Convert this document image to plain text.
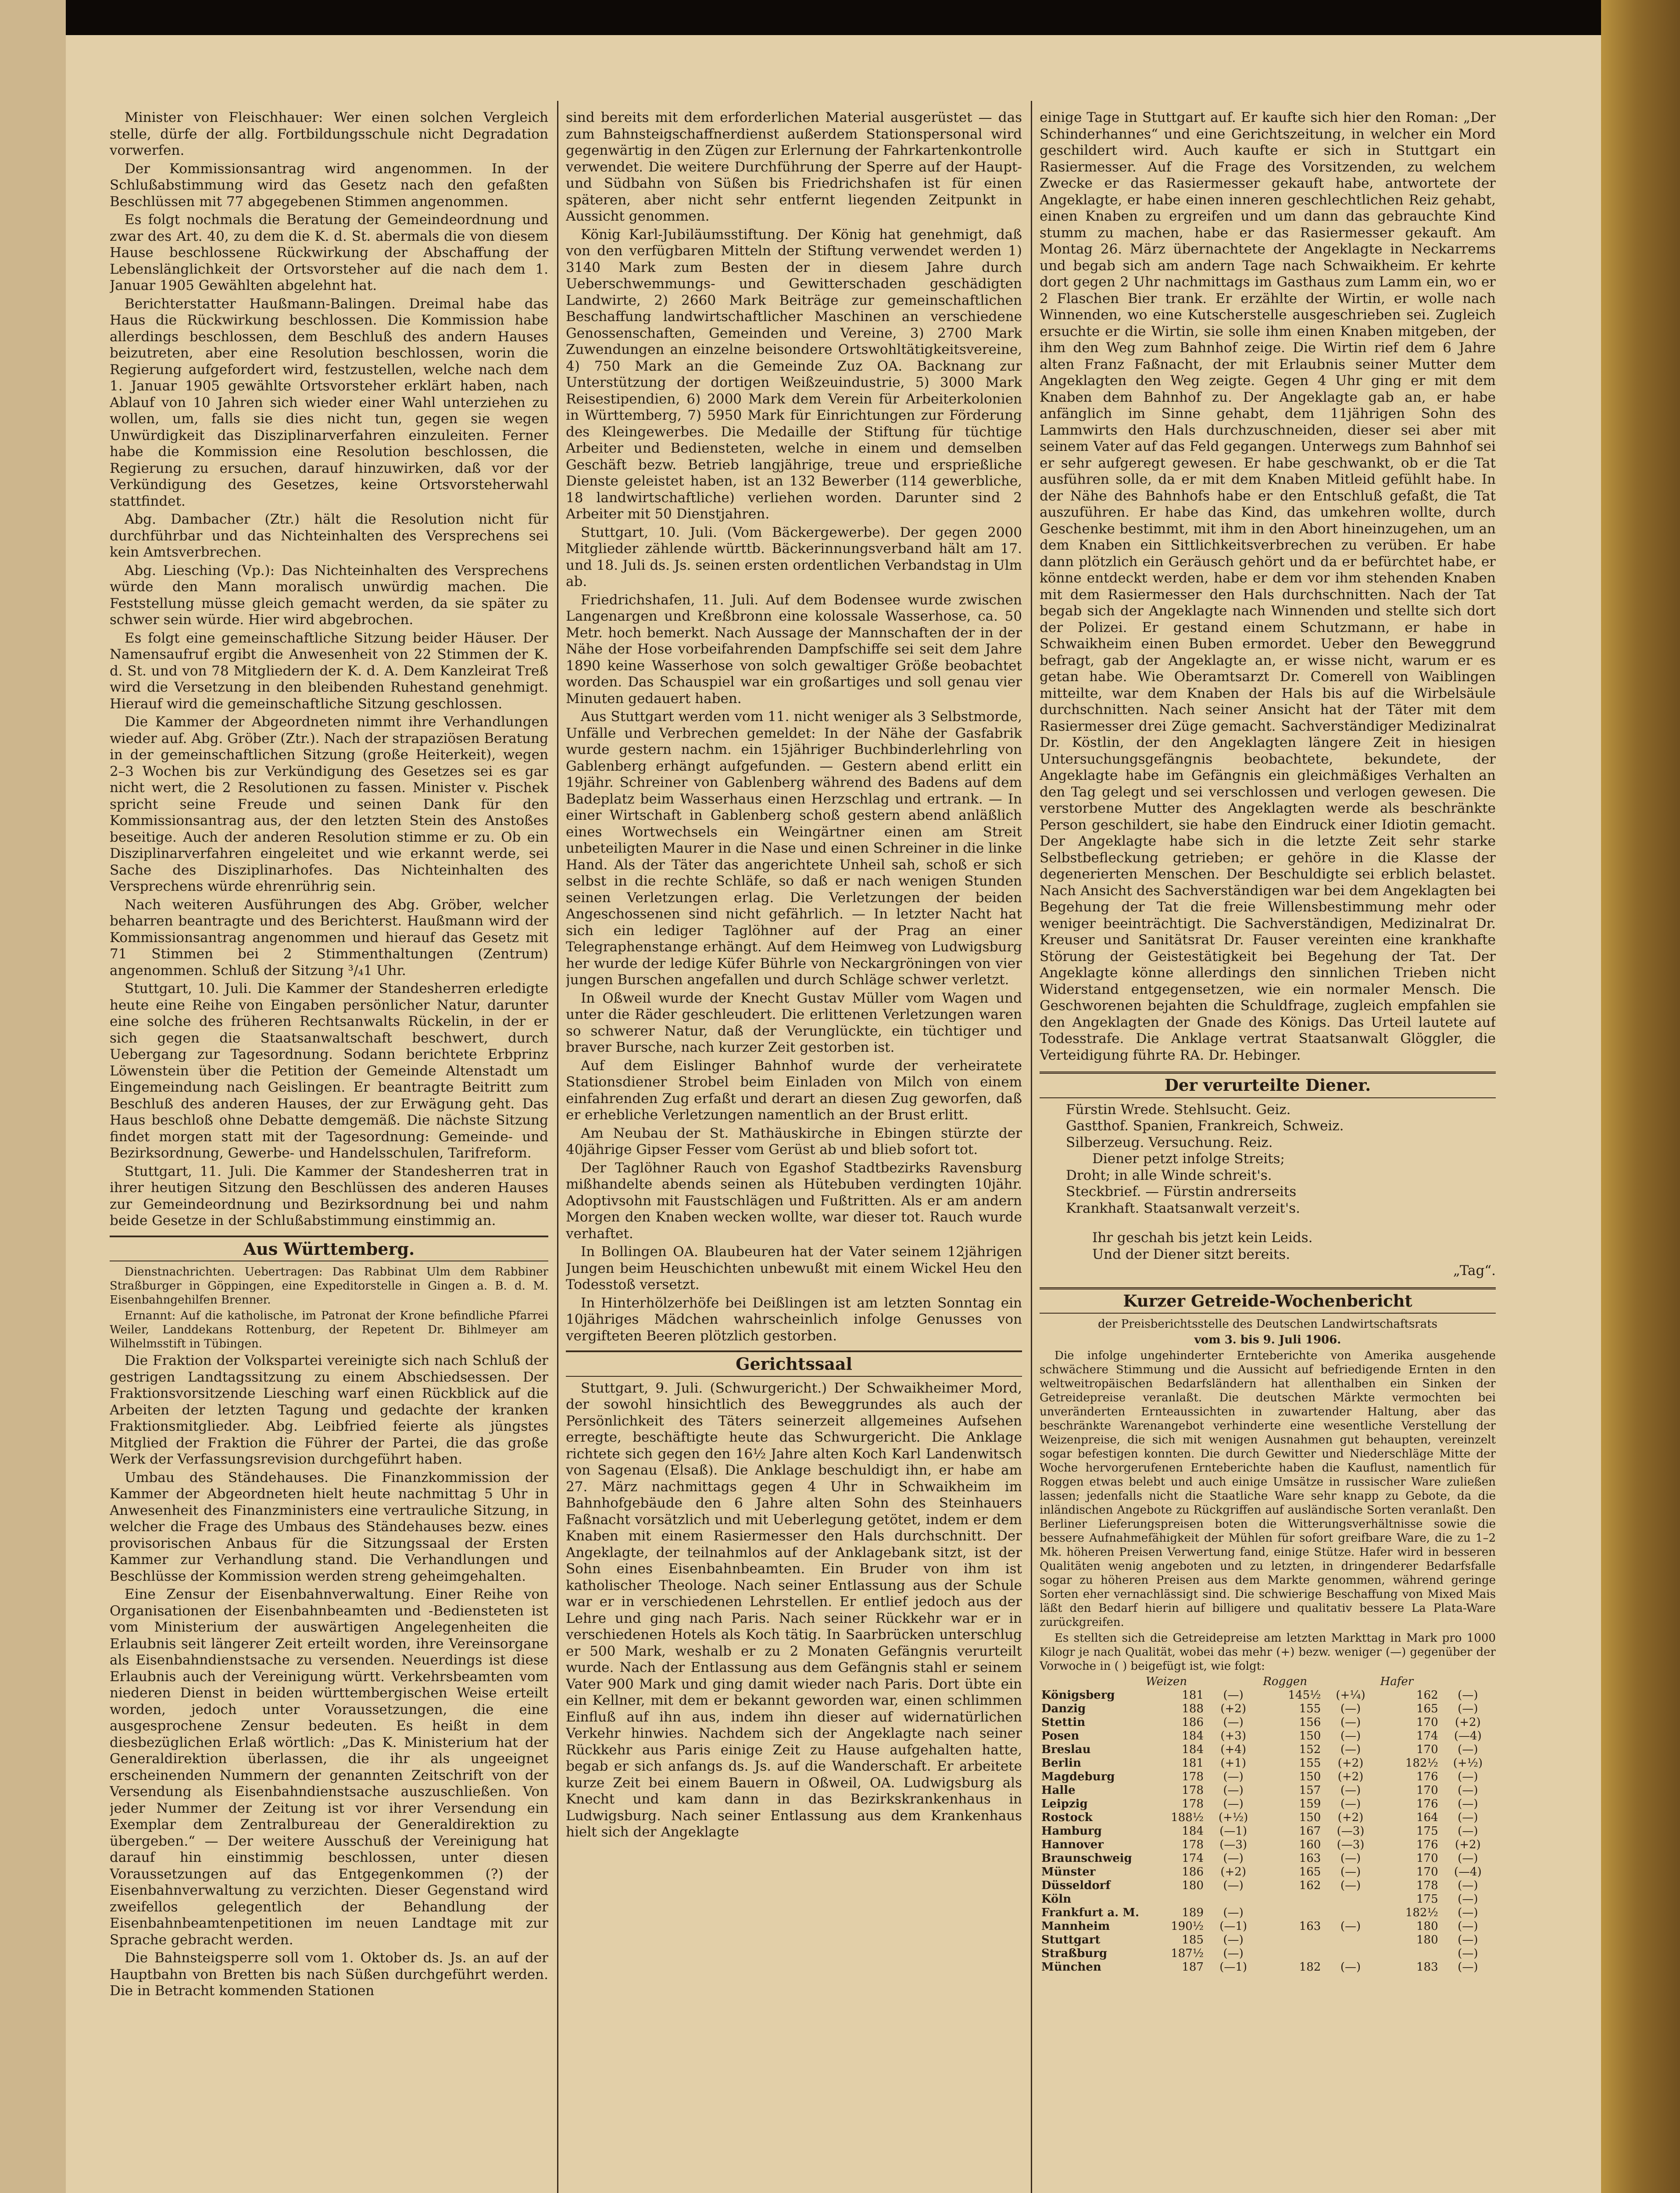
Minister von Fleischhauer: Wer einen solchen Vergleich stelle, dürfe der allg. Fortbildungsschule nicht Degradation vorwerfen.

Der Kommissionsantrag wird angenommen. In der Schlußabstimmung wird das Gesetz nach den gefaßten Beschlüssen mit 77 abgegebenen Stimmen angenommen.

Es folgt nochmals die Beratung der Gemeindeordnung und zwar des Art. 40, zu dem die K. d. St. abermals die von diesem Hause beschlossene Rückwirkung der Abschaffung der Lebenslänglichkeit der Ortsvorsteher auf die nach dem 1. Januar 1905 Gewählten abgelehnt hat.

Berichterstatter Haußmann-Balingen. Dreimal habe das Haus die Rückwirkung beschlossen. Die Kommission habe allerdings beschlossen, dem Beschluß des andern Hauses beizutreten, aber eine Resolution beschlossen, worin die Regierung aufgefordert wird, festzustellen, welche nach dem 1. Januar 1905 gewählte Ortsvorsteher erklärt haben, nach Ablauf von 10 Jahren sich wieder einer Wahl unterziehen zu wollen, um, falls sie dies nicht tun, gegen sie wegen Unwürdigkeit das Disziplinarverfahren einzuleiten. Ferner habe die Kommission eine Resolution beschlossen, die Regierung zu ersuchen, darauf hinzuwirken, daß vor der Verkündigung des Gesetzes, keine Ortsvorsteherwahl stattfindet.

Abg. Dambacher (Ztr.) hält die Resolution nicht für durchführbar und das Nichteinhalten des Versprechens sei kein Amtsverbrechen.

Abg. Liesching (Vp.): Das Nichteinhalten des Versprechens würde den Mann moralisch unwürdig machen. Die Feststellung müsse gleich gemacht werden, da sie später zu schwer sein würde. Hier wird abgebrochen.

Es folgt eine gemeinschaftliche Sitzung beider Häuser. Der Namensaufruf ergibt die Anwesenheit von 22 Stimmen der K. d. St. und von 78 Mitgliedern der K. d. A. Dem Kanzleirat Treß wird die Versetzung in den bleibenden Ruhestand genehmigt. Hierauf wird die gemeinschaftliche Sitzung geschlossen.

Die Kammer der Abgeordneten nimmt ihre Verhandlungen wieder auf. Abg. Gröber (Ztr.). Nach der strapaziösen Beratung in der gemeinschaftlichen Sitzung (große Heiterkeit), wegen 2–3 Wochen bis zur Verkündigung des Gesetzes sei es gar nicht wert, die 2 Resolutionen zu fassen. Minister v. Pischek spricht seine Freude und seinen Dank für den Kommissionsantrag aus, der den letzten Stein des Anstoßes beseitige. Auch der anderen Resolution stimme er zu. Ob ein Disziplinarverfahren eingeleitet und wie erkannt werde, sei Sache des Disziplinarhofes. Das Nichteinhalten des Versprechens würde ehrenrührig sein.

Nach weiteren Ausführungen des Abg. Gröber, welcher beharren beantragte und des Berichterst. Haußmann wird der Kommissionsantrag angenommen und hierauf das Gesetz mit 71 Stimmen bei 2 Stimmenthaltungen (Zentrum) angenommen. Schluß der Sitzung ³/₄1 Uhr.

Stuttgart, 10. Juli. Die Kammer der Standesherren erledigte heute eine Reihe von Eingaben persönlicher Natur, darunter eine solche des früheren Rechtsanwalts Rückelin, in der er sich gegen die Staatsanwaltschaft beschwert, durch Uebergang zur Tagesordnung. Sodann berichtete Erbprinz Löwenstein über die Petition der Gemeinde Altenstadt um Eingemeindung nach Geislingen. Er beantragte Beitritt zum Beschluß des anderen Hauses, der zur Erwägung geht. Das Haus beschloß ohne Debatte demgemäß. Die nächste Sitzung findet morgen statt mit der Tagesordnung: Gemeinde- und Bezirksordnung, Gewerbe- und Handelsschulen, Tarifreform.

Stuttgart, 11. Juli. Die Kammer der Standesherren trat in ihrer heutigen Sitzung den Beschlüssen des anderen Hauses zur Gemeindeordnung und Bezirksordnung bei und nahm beide Gesetze in der Schlußabstimmung einstimmig an.

Aus Württemberg.

Dienstnachrichten. Uebertragen: Das Rabbinat Ulm dem Rabbiner Straßburger in Göppingen, eine Expeditorstelle in Gingen a. B. d. M. Eisenbahngehilfen Brenner.

Ernannt: Auf die katholische, im Patronat der Krone befindliche Pfarrei Weiler, Landdekans Rottenburg, der Repetent Dr. Bihlmeyer am Wilhelmsstift in Tübingen.

Die Fraktion der Volkspartei vereinigte sich nach Schluß der gestrigen Landtagssitzung zu einem Abschiedsessen. Der Fraktionsvorsitzende Liesching warf einen Rückblick auf die Arbeiten der letzten Tagung und gedachte der kranken Fraktionsmitglieder. Abg. Leibfried feierte als jüngstes Mitglied der Fraktion die Führer der Partei, die das große Werk der Verfassungsrevision durchgeführt haben.

Umbau des Ständehauses. Die Finanzkommission der Kammer der Abgeordneten hielt heute nachmittag 5 Uhr in Anwesenheit des Finanzministers eine vertrauliche Sitzung, in welcher die Frage des Umbaus des Ständehauses bezw. eines provisorischen Anbaus für die Sitzungssaal der Ersten Kammer zur Verhandlung stand. Die Verhandlungen und Beschlüsse der Kommission werden streng geheimgehalten.

Eine Zensur der Eisenbahnverwaltung. Einer Reihe von Organisationen der Eisenbahnbeamten und -Bediensteten ist vom Ministerium der auswärtigen Angelegenheiten die Erlaubnis seit längerer Zeit erteilt worden, ihre Vereinsorgane als Eisenbahndienstsache zu versenden. Neuerdings ist diese Erlaubnis auch der Vereinigung württ. Verkehrsbeamten vom niederen Dienst in beiden württembergischen Weise erteilt worden, jedoch unter Voraussetzungen, die eine ausgesprochene Zensur bedeuten. Es heißt in dem diesbezüglichen Erlaß wörtlich: „Das K. Ministerium hat der Generaldirektion überlassen, die ihr als ungeeignet erscheinenden Nummern der genannten Zeitschrift von der Versendung als Eisenbahndienstsache auszuschließen. Von jeder Nummer der Zeitung ist vor ihrer Versendung ein Exemplar dem Zentralbureau der Generaldirektion zu übergeben.“ — Der weitere Ausschuß der Vereinigung hat darauf hin einstimmig beschlossen, unter diesen Voraussetzungen auf das Entgegenkommen (?) der Eisenbahnverwaltung zu verzichten. Dieser Gegenstand wird zweifellos gelegentlich der Behandlung der Eisenbahnbeamtenpetitionen im neuen Landtage mit zur Sprache gebracht werden.

Die Bahnsteigsperre soll vom 1. Oktober ds. Js. an auf der Hauptbahn von Bretten bis nach Süßen durchgeführt werden. Die in Betracht kommenden Stationen

sind bereits mit dem erforderlichen Material ausgerüstet — das zum Bahnsteigschaffnerdienst außerdem Stationspersonal wird gegenwärtig in den Zügen zur Erlernung der Fahrkartenkontrolle verwendet. Die weitere Durchführung der Sperre auf der Haupt- und Südbahn von Süßen bis Friedrichshafen ist für einen späteren, aber nicht sehr entfernt liegenden Zeitpunkt in Aussicht genommen.

König Karl-Jubiläumsstiftung. Der König hat genehmigt, daß von den verfügbaren Mitteln der Stiftung verwendet werden 1) 3140 Mark zum Besten der in diesem Jahre durch Ueberschwemmungs- und Gewitterschaden geschädigten Landwirte, 2) 2660 Mark Beiträge zur gemeinschaftlichen Beschaffung landwirtschaftlicher Maschinen an verschiedene Genossenschaften, Gemeinden und Vereine, 3) 2700 Mark Zuwendungen an einzelne beisondere Ortswohltätigkeitsvereine, 4) 750 Mark an die Gemeinde Zuz OA. Backnang zur Unterstützung der dortigen Weißzeuindustrie, 5) 3000 Mark Reisestipendien, 6) 2000 Mark dem Verein für Arbeiterkolonien in Württemberg, 7) 5950 Mark für Einrichtungen zur Förderung des Kleingewerbes. Die Medaille der Stiftung für tüchtige Arbeiter und Bediensteten, welche in einem und demselben Geschäft bezw. Betrieb langjährige, treue und ersprießliche Dienste geleistet haben, ist an 132 Bewerber (114 gewerbliche, 18 landwirtschaftliche) verliehen worden. Darunter sind 2 Arbeiter mit 50 Dienstjahren.

Stuttgart, 10. Juli. (Vom Bäckergewerbe). Der gegen 2000 Mitglieder zählende württb. Bäckerinnungsverband hält am 17. und 18. Juli ds. Js. seinen ersten ordentlichen Verbandstag in Ulm ab.

Friedrichshafen, 11. Juli. Auf dem Bodensee wurde zwischen Langenargen und Kreßbronn eine kolossale Wasserhose, ca. 50 Metr. hoch bemerkt. Nach Aussage der Mannschaften der in der Nähe der Hose vorbeifahrenden Dampfschiffe sei seit dem Jahre 1890 keine Wasserhose von solch gewaltiger Größe beobachtet worden. Das Schauspiel war ein großartiges und soll genau vier Minuten gedauert haben.

Aus Stuttgart werden vom 11. nicht weniger als 3 Selbstmorde, Unfälle und Verbrechen gemeldet: In der Nähe der Gasfabrik wurde gestern nachm. ein 15jähriger Buchbinderlehrling von Gablenberg erhängt aufgefunden. — Gestern abend erlitt ein 19jähr. Schreiner von Gablenberg während des Badens auf dem Badeplatz beim Wasserhaus einen Herzschlag und ertrank. — In einer Wirtschaft in Gablenberg schoß gestern abend anläßlich eines Wortwechsels ein Weingärtner einen am Streit unbeteiligten Maurer in die Nase und einen Schreiner in die linke Hand. Als der Täter das angerichtete Unheil sah, schoß er sich selbst in die rechte Schläfe, so daß er nach wenigen Stunden seinen Verletzungen erlag. Die Verletzungen der beiden Angeschossenen sind nicht gefährlich. — In letzter Nacht hat sich ein lediger Taglöhner auf der Prag an einer Telegraphenstange erhängt. Auf dem Heimweg von Ludwigsburg her wurde der ledige Küfer Bührle von Neckargröningen von vier jungen Burschen angefallen und durch Schläge schwer verletzt.

In Oßweil wurde der Knecht Gustav Müller vom Wagen und unter die Räder geschleudert. Die erlittenen Verletzungen waren so schwerer Natur, daß der Verunglückte, ein tüchtiger und braver Bursche, nach kurzer Zeit gestorben ist.

Auf dem Eislinger Bahnhof wurde der verheiratete Stationsdiener Strobel beim Einladen von Milch von einem einfahrenden Zug erfaßt und derart an diesen Zug geworfen, daß er erhebliche Verletzungen namentlich an der Brust erlitt.

Am Neubau der St. Mathäuskirche in Ebingen stürzte der 40jährige Gipser Fesser vom Gerüst ab und blieb sofort tot.

Der Taglöhner Rauch von Egashof Stadtbezirks Ravensburg mißhandelte abends seinen als Hütebuben verdingten 10jähr. Adoptivsohn mit Faustschlägen und Fußtritten. Als er am andern Morgen den Knaben wecken wollte, war dieser tot. Rauch wurde verhaftet.

In Bollingen OA. Blaubeuren hat der Vater seinem 12jährigen Jungen beim Heuschichten unbewußt mit einem Wickel Heu den Todesstoß versetzt.

In Hinterhölzerhöfe bei Deißlingen ist am letzten Sonntag ein 10jähriges Mädchen wahrscheinlich infolge Genusses von vergifteten Beeren plötzlich gestorben.

Gerichtssaal

Stuttgart, 9. Juli. (Schwurgericht.) Der Schwaikheimer Mord, der sowohl hinsichtlich des Beweggrundes als auch der Persönlichkeit des Täters seinerzeit allgemeines Aufsehen erregte, beschäftigte heute das Schwurgericht. Die Anklage richtete sich gegen den 16½ Jahre alten Koch Karl Landenwitsch von Sagenau (Elsaß). Die Anklage beschuldigt ihn, er habe am 27. März nachmittags gegen 4 Uhr in Schwaikheim im Bahnhofgebäude den 6 Jahre alten Sohn des Steinhauers Faßnacht vorsätzlich und mit Ueberlegung getötet, indem er dem Knaben mit einem Rasiermesser den Hals durchschnitt. Der Angeklagte, der teilnahmlos auf der Anklagebank sitzt, ist der Sohn eines Eisenbahnbeamten. Ein Bruder von ihm ist katholischer Theologe. Nach seiner Entlassung aus der Schule war er in verschiedenen Lehrstellen. Er entlief jedoch aus der Lehre und ging nach Paris. Nach seiner Rückkehr war er in verschiedenen Hotels als Koch tätig. In Saarbrücken unterschlug er 500 Mark, weshalb er zu 2 Monaten Gefängnis verurteilt wurde. Nach der Entlassung aus dem Gefängnis stahl er seinem Vater 900 Mark und ging damit wieder nach Paris. Dort übte ein ein Kellner, mit dem er bekannt geworden war, einen schlimmen Einfluß auf ihn aus, indem ihn dieser auf widernatürlichen Verkehr hinwies. Nachdem sich der Angeklagte nach seiner Rückkehr aus Paris einige Zeit zu Hause aufgehalten hatte, begab er sich anfangs ds. Js. auf die Wanderschaft. Er arbeitete kurze Zeit bei einem Bauern in Oßweil, OA. Ludwigsburg als Knecht und kam dann in das Bezirkskrankenhaus in Ludwigsburg. Nach seiner Entlassung aus dem Krankenhaus hielt sich der Angeklagte

einige Tage in Stuttgart auf. Er kaufte sich hier den Roman: „Der Schinderhannes“ und eine Gerichtszeitung, in welcher ein Mord geschildert wird. Auch kaufte er sich in Stuttgart ein Rasiermesser. Auf die Frage des Vorsitzenden, zu welchem Zwecke er das Rasiermesser gekauft habe, antwortete der Angeklagte, er habe einen inneren geschlechtlichen Reiz gehabt, einen Knaben zu ergreifen und um dann das gebrauchte Kind stumm zu machen, habe er das Rasiermesser gekauft. Am Montag 26. März übernachtete der Angeklagte in Neckarrems und begab sich am andern Tage nach Schwaikheim. Er kehrte dort gegen 2 Uhr nachmittags im Gasthaus zum Lamm ein, wo er 2 Flaschen Bier trank. Er erzählte der Wirtin, er wolle nach Winnenden, wo eine Kutscherstelle ausgeschrieben sei. Zugleich ersuchte er die Wirtin, sie solle ihm einen Knaben mitgeben, der ihm den Weg zum Bahnhof zeige. Die Wirtin rief dem 6 Jahre alten Franz Faßnacht, der mit Erlaubnis seiner Mutter dem Angeklagten den Weg zeigte. Gegen 4 Uhr ging er mit dem Knaben dem Bahnhof zu. Der Angeklagte gab an, er habe anfänglich im Sinne gehabt, dem 11jährigen Sohn des Lammwirts den Hals durchzuschneiden, dieser sei aber mit seinem Vater auf das Feld gegangen. Unterwegs zum Bahnhof sei er sehr aufgeregt gewesen. Er habe geschwankt, ob er die Tat ausführen solle, da er mit dem Knaben Mitleid gefühlt habe. In der Nähe des Bahnhofs habe er den Entschluß gefaßt, die Tat auszuführen. Er habe das Kind, das umkehren wollte, durch Geschenke bestimmt, mit ihm in den Abort hineinzugehen, um an dem Knaben ein Sittlichkeitsverbrechen zu verüben. Er habe dann plötzlich ein Geräusch gehört und da er befürchtet habe, er könne entdeckt werden, habe er dem vor ihm stehenden Knaben mit dem Rasiermesser den Hals durchschnitten. Nach der Tat begab sich der Angeklagte nach Winnenden und stellte sich dort der Polizei. Er gestand einem Schutzmann, er habe in Schwaikheim einen Buben ermordet. Ueber den Beweggrund befragt, gab der Angeklagte an, er wisse nicht, warum er es getan habe. Wie Oberamtsarzt Dr. Comerell von Waiblingen mitteilte, war dem Knaben der Hals bis auf die Wirbelsäule durchschnitten. Nach seiner Ansicht hat der Täter mit dem Rasiermesser drei Züge gemacht. Sachverständiger Medizinalrat Dr. Köstlin, der den Angeklagten längere Zeit in hiesigen Untersuchungsgefängnis beobachtete, bekundete, der Angeklagte habe im Gefängnis ein gleichmäßiges Verhalten an den Tag gelegt und sei verschlossen und verlogen gewesen. Die verstorbene Mutter des Angeklagten werde als beschränkte Person geschildert, sie habe den Eindruck einer Idiotin gemacht. Der Angeklagte habe sich in die letzte Zeit sehr starke Selbstbefleckung getrieben; er gehöre in die Klasse der degenerierten Menschen. Der Beschuldigte sei erblich belastet. Nach Ansicht des Sachverständigen war bei dem Angeklagten bei Begehung der Tat die freie Willensbestimmung mehr oder weniger beeinträchtigt. Die Sachverständigen, Medizinalrat Dr. Kreuser und Sanitätsrat Dr. Fauser vereinten eine krankhafte Störung der Geistestätigkeit bei Begehung der Tat. Der Angeklagte könne allerdings den sinnlichen Trieben nicht Widerstand entgegensetzen, wie ein normaler Mensch. Die Geschworenen bejahten die Schuldfrage, zugleich empfahlen sie den Angeklagten der Gnade des Königs. Das Urteil lautete auf Todesstrafe. Die Anklage vertrat Staatsanwalt Glöggler, die Verteidigung führte RA. Dr. Hebinger.

Der verurteilte Diener.

Fürstin Wrede. Stehlsucht. Geiz.

Gastthof. Spanien, Frankreich, Schweiz.

Silberzeug. Versuchung. Reiz.

Diener petzt infolge Streits;

Droht; in alle Winde schreit's.

Steckbrief. — Fürstin andrerseits

Krankhaft. Staatsanwalt verzeit's.

Ihr geschah bis jetzt kein Leids.

Und der Diener sitzt bereits.

„Tag“.

Kurzer Getreide-Wochenbericht

der Preisberichtsstelle des Deutschen Landwirtschaftsrats

vom 3. bis 9. Juli 1906.

Die infolge ungehinderter Ernteberichte von Amerika ausgehende schwächere Stimmung und die Aussicht auf befriedigende Ernten in den weltweitropäischen Bedarfsländern hat allenthalben ein Sinken der Getreidepreise veranlaßt. Die deutschen Märkte vermochten bei unveränderten Ernteaussichten in zuwartender Haltung, aber das beschränkte Warenangebot verhinderte eine wesentliche Verstellung der Weizenpreise, die sich mit wenigen Ausnahmen gut behaupten, vereinzelt sogar befestigen konnten. Die durch Gewitter und Niederschläge Mitte der Woche hervorgerufenen Ernteberichte haben die Kauflust, namentlich für Roggen etwas belebt und auch einige Umsätze in russischer Ware zuließen lassen; jedenfalls nicht die Staatliche Ware sehr knapp zu Gebote, da die inländischen Angebote zu Rückgriffen auf ausländische Sorten veranlaßt. Den Berliner Lieferungspreisen boten die Witterungsverhältnisse sowie die bessere Aufnahmefähigkeit der Mühlen für sofort greifbare Ware, die zu 1–2 Mk. höheren Preisen Verwertung fand, einige Stütze. Hafer wird in besseren Qualitäten wenig angeboten und zu letzten, in dringenderer Bedarfsfalle sogar zu höheren Preisen aus dem Markte genommen, während geringe Sorten eher vernachlässigt sind. Die schwierige Beschaffung von Mixed Mais läßt den Bedarf hierin auf billigere und qualitativ bessere La Plata-Ware zurückgreifen.

Es stellten sich die Getreidepreise am letzten Markttag in Mark pro 1000 Kilogr je nach Qualität, wobei das mehr (+) bezw. weniger (—) gegenüber der Vorwoche in ( ) beigefügt ist, wie folgt:

	Weizen		Roggen		Hafer	
Königsberg	181	(—)	145½	(+¼)	162	(—)
Danzig	188	(+2)	155	(—)	165	(—)
Stettin	186	(—)	156	(—)	170	(+2)
Posen	184	(+3)	150	(—)	174	(—4)
Breslau	184	(+4)	152	(—)	170	(—)
Berlin	181	(+1)	155	(+2)	182½	(+½)
Magdeburg	178	(—)	150	(+2)	176	(—)
Halle	178	(—)	157	(—)	170	(—)
Leipzig	178	(—)	159	(—)	176	(—)
Rostock	188½	(+½)	150	(+2)	164	(—)
Hamburg	184	(—1)	167	(—3)	175	(—)
Hannover	178	(—3)	160	(—3)	176	(+2)
Braunschweig	174	(—)	163	(—)	170	(—)
Münster	186	(+2)	165	(—)	170	(—4)
Düsseldorf	180	(—)	162	(—)	178	(—)
Köln					175	(—)
Frankfurt a. M.	189	(—)			182½	(—)
Mannheim	190½	(—1)	163	(—)	180	(—)
Stuttgart	185	(—)			180	(—)
Straßburg	187½	(—)				(—)
München	187	(—1)	182	(—)	183	(—)
